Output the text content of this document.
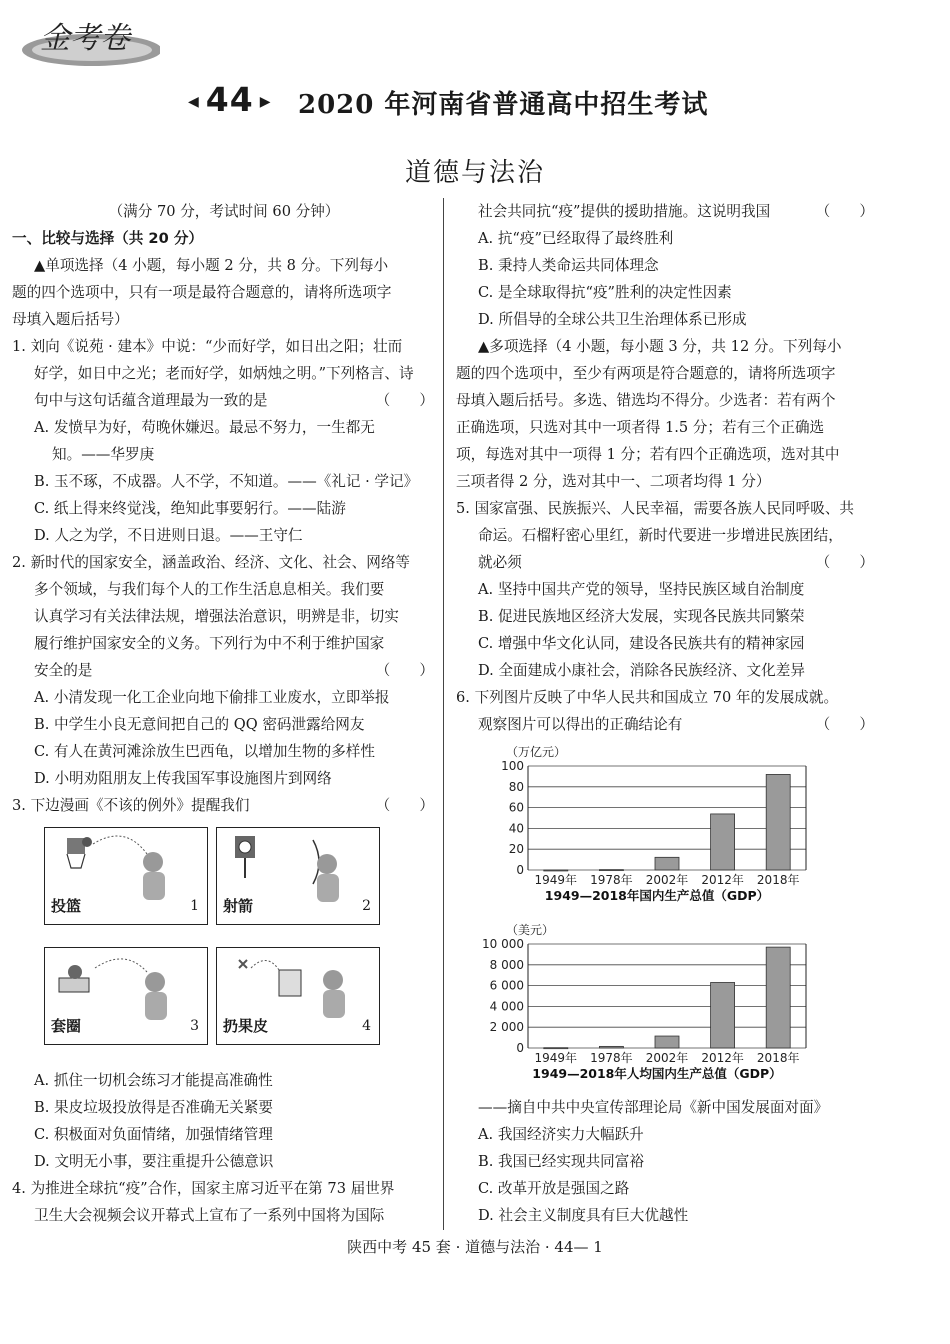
金考卷
◀ 44 ▶ 2020 年河南省普通高中招生考试
道德与法治
（满分 70 分，考试时间 60 分钟）
一、比较与选择（共 20 分）
▲单项选择（4 小题，每小题 2 分，共 8 分。下列每小
题的四个选项中，只有一项是最符合题意的，请将所选项字
母填入题后括号）
1. 刘向《说苑 · 建本》中说：“少而好学，如日出之阳；壮而
好学，如日中之光；老而好学，如炳烛之明。”下列格言、诗
句中与这句话蕴含道理最为一致的是	（　　）
A. 发愤早为好，苟晚休嫌迟。最忌不努力，一生都无
知。——华罗庚
B. 玉不琢，不成器。人不学，不知道。——《礼记 · 学记》
C. 纸上得来终觉浅，绝知此事要躬行。——陆游
D. 人之为学，不日进则日退。——王守仁
2. 新时代的国家安全，涵盖政治、经济、文化、社会、网络等
多个领域，与我们每个人的工作生活息息相关。我们要
认真学习有关法律法规，增强法治意识，明辨是非，切实
履行维护国家安全的义务。下列行为中不利于维护国家
安全的是	（　　）
A. 小清发现一化工企业向地下偷排工业废水，立即举报
B. 中学生小良无意间把自己的 QQ 密码泄露给网友
C. 有人在黄河滩涂放生巴西龟，以增加生物的多样性
D. 小明劝阻朋友上传我国军事设施图片到网络
3. 下边漫画《不该的例外》提醒我们	（　　）
投篮	1 射箭	2
套圈	3 扔果皮	4
A. 抓住一切机会练习才能提高准确性
B. 果皮垃圾投放得是否准确无关紧要
C. 积极面对负面情绪，加强情绪管理
D. 文明无小事，要注重提升公德意识
4. 为推进全球抗“疫”合作，国家主席习近平在第 73 届世界
卫生大会视频会议开幕式上宣布了一系列中国将为国际
社会共同抗“疫”提供的援助措施。这说明我国	（　　）
A. 抗“疫”已经取得了最终胜利
B. 秉持人类命运共同体理念
C. 是全球取得抗“疫”胜利的决定性因素
D. 所倡导的全球公共卫生治理体系已形成
▲多项选择（4 小题，每小题 3 分，共 12 分。下列每小
题的四个选项中，至少有两项是符合题意的，请将所选项字
母填入题后括号。多选、错选均不得分。少选者：若有两个
正确选项，只选对其中一项者得 1.5 分；若有三个正确选
项，每选对其中一项得 1 分；若有四个正确选项，选对其中
三项者得 2 分，选对其中一、二项者均得 1 分）
5. 国家富强、民族振兴、人民幸福，需要各族人民同呼吸、共
命运。石榴籽密心里红，新时代要进一步增进民族团结，
就必须	（　　）
A. 坚持中国共产党的领导，坚持民族区域自治制度
B. 促进民族地区经济大发展，实现各民族共同繁荣
C. 增强中华文化认同，建设各民族共有的精神家园
D. 全面建成小康社会，消除各民族经济、文化差异
6. 下列图片反映了中华人民共和国成立 70 年的发展成就。
观察图片可以得出的正确结论有	（　　）
（万亿元）
0
20
40
60
80
100
1949年 1978年 2002年 2012年 2018年
1949—2018年国内生产总值（GDP）
（美元）
0
2 000
4 000
6 000
8 000
10 000
1949年 1978年 2002年 2012年 2018年
1949—2018年人均国内生产总值（GDP）
——摘自中共中央宣传部理论局《新中国发展面对面》
A. 我国经济实力大幅跃升
B. 我国已经实现共同富裕
C. 改革开放是强国之路
D. 社会主义制度具有巨大优越性
陕西中考 45 套 · 道德与法治 · 44— 1
